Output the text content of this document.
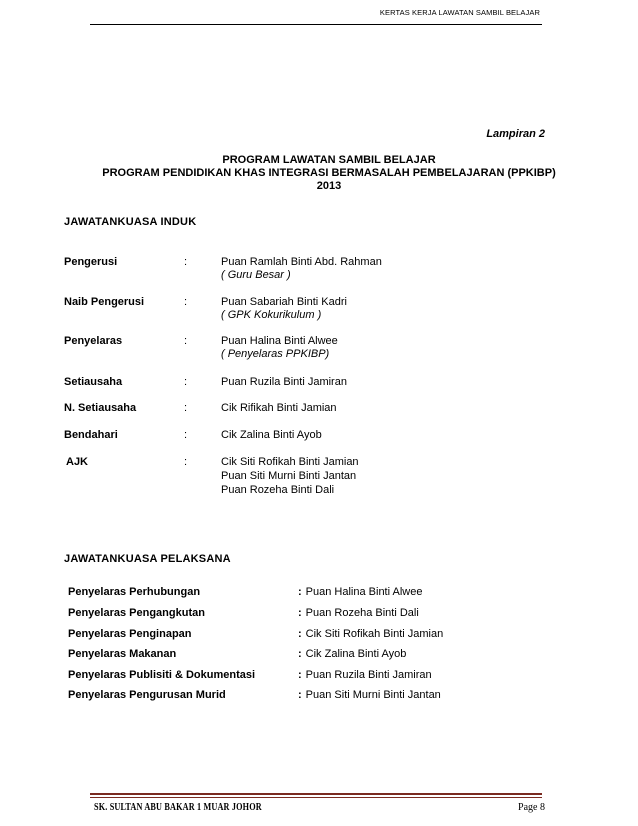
KERTAS KERJA LAWATAN SAMBIL BELAJAR
Lampiran 2
PROGRAM LAWATAN SAMBIL BELAJAR
PROGRAM PENDIDIKAN KHAS INTEGRASI BERMASALAH PEMBELAJARAN (PPKIBP)
2013
JAWATANKUASA INDUK
Pengerusi	:	Puan Ramlah Binti Abd. Rahman
( Guru Besar )
Naib Pengerusi	:	Puan Sabariah Binti Kadri
( GPK Kokurikulum )
Penyelaras	:	Puan Halina Binti Alwee
( Penyelaras PPKIBP)
Setiausaha	:	Puan Ruzila Binti Jamiran
N. Setiausaha	:	Cik Rifikah Binti Jamian
Bendahari	:	Cik Zalina Binti Ayob
AJK	:	Cik Siti Rofikah Binti Jamian
Puan Siti Murni Binti Jantan
Puan Rozeha Binti Dali
JAWATANKUASA PELAKSANA
Penyelaras Perhubungan	: Puan Halina Binti Alwee
Penyelaras Pengangkutan	: Puan Rozeha Binti Dali
Penyelaras Penginapan	: Cik Siti Rofikah Binti Jamian
Penyelaras Makanan	: Cik Zalina Binti Ayob
Penyelaras Publisiti & Dokumentasi	: Puan Ruzila Binti Jamiran
Penyelaras Pengurusan Murid	: Puan Siti Murni Binti Jantan
SK. SULTAN ABU BAKAR 1 MUAR JOHOR	Page 8
